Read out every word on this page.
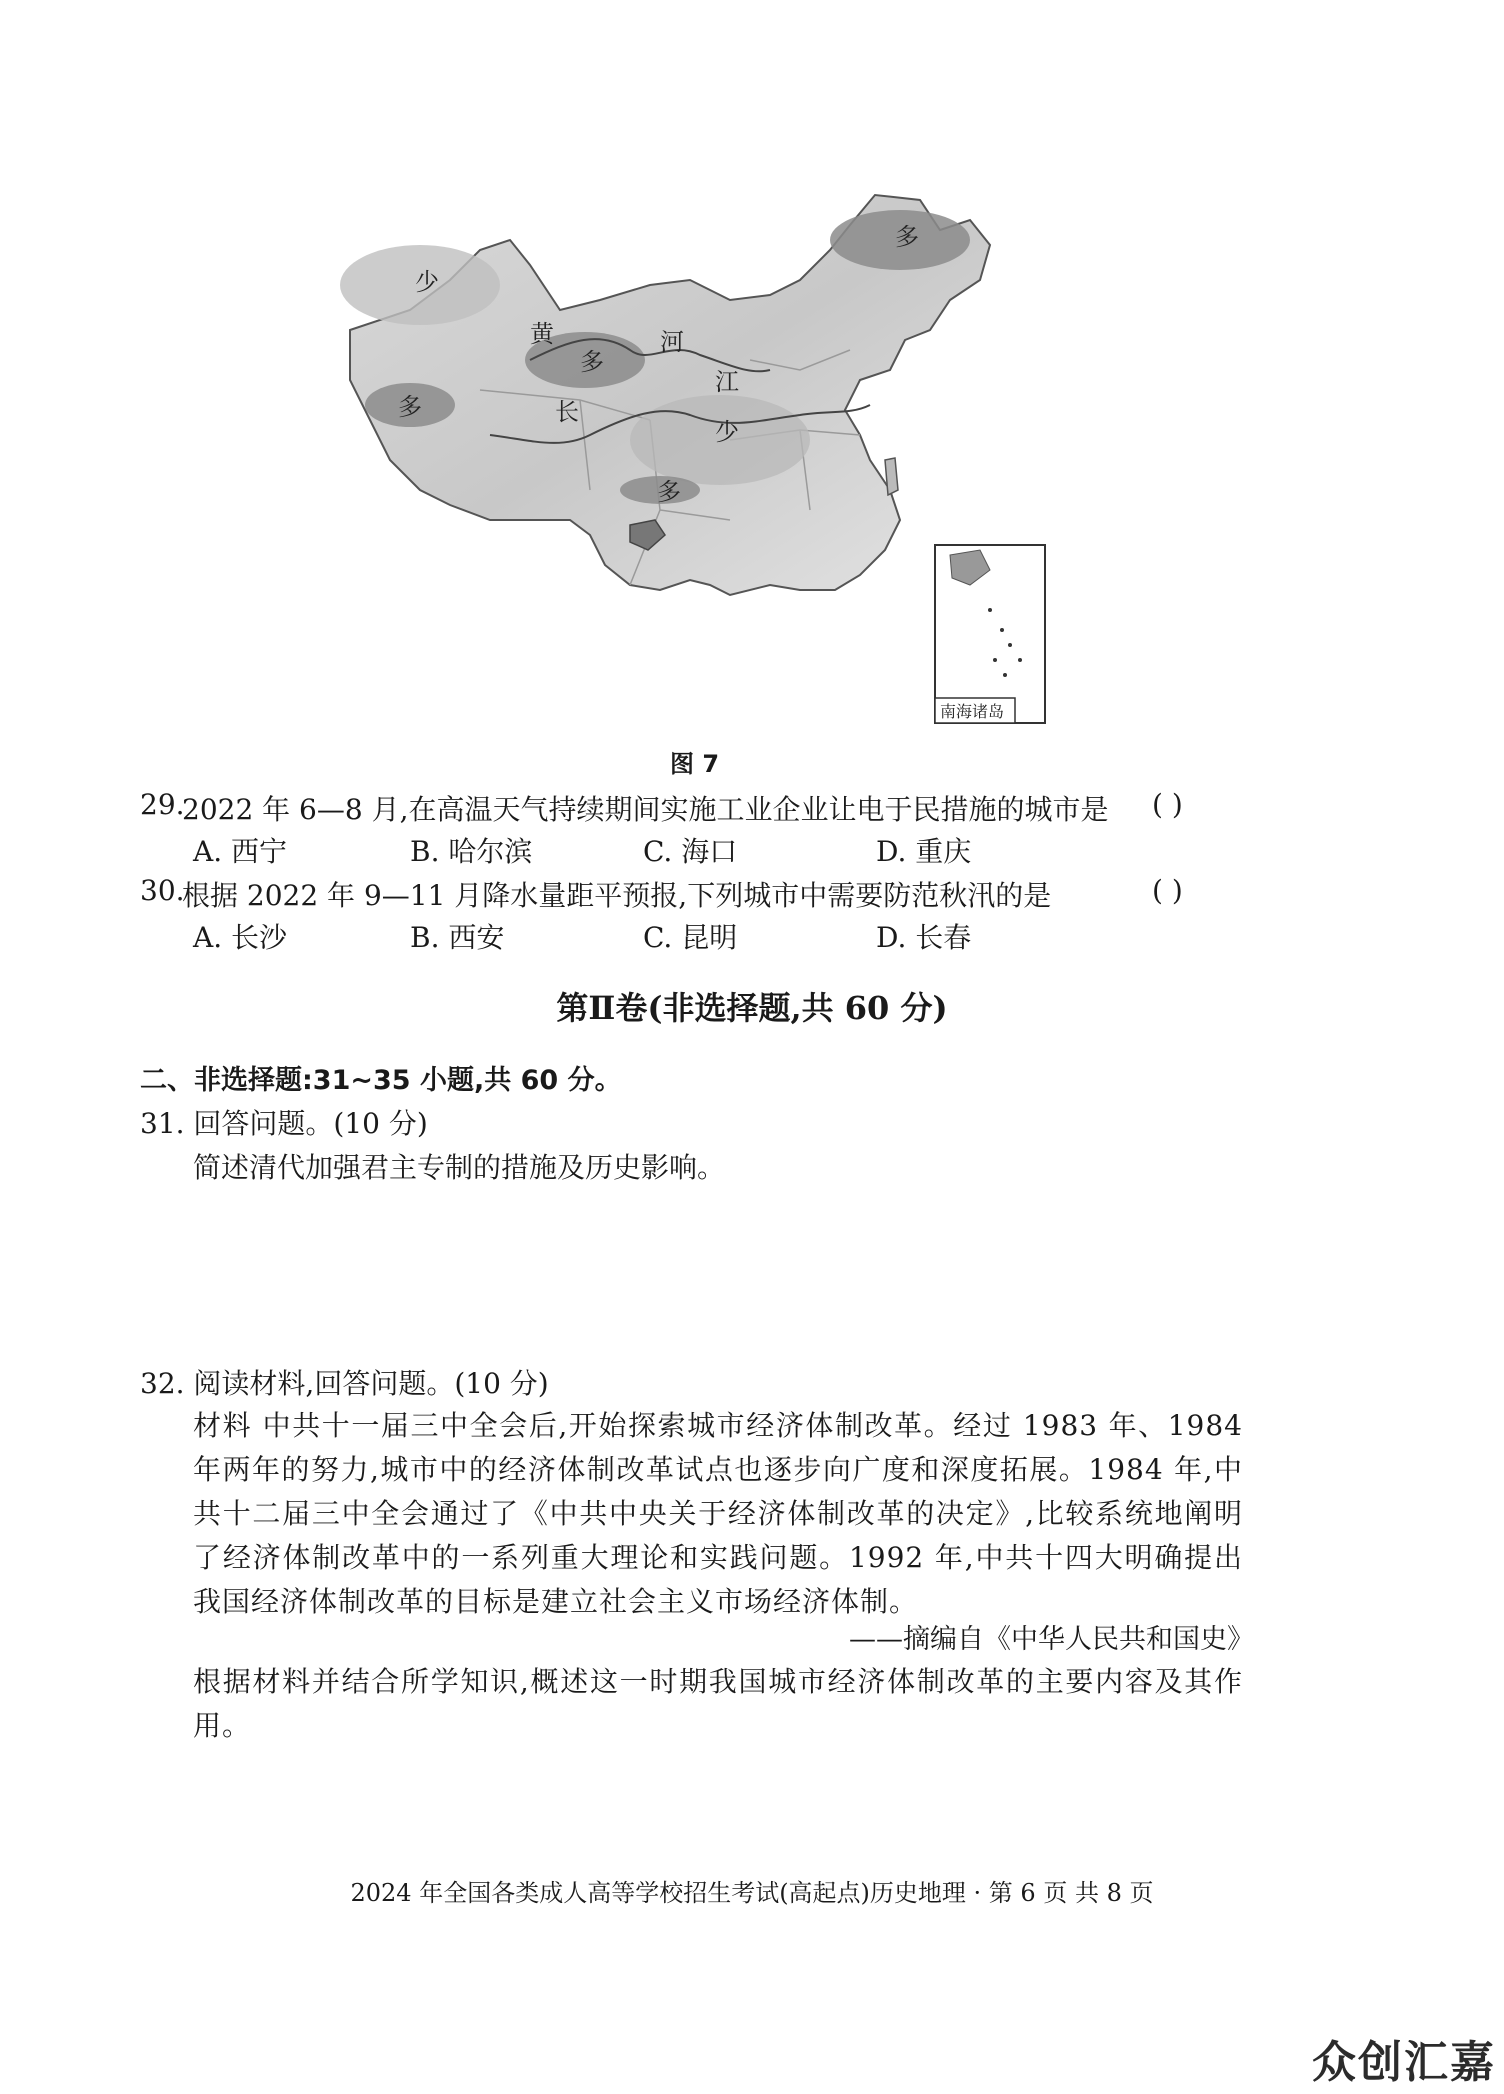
少
多
多
多
少
多
黄	河
长
江
南海诸岛
图 7
29.
2022 年 6—8 月,在高温天气持续期间实施工业企业让电于民措施的城市是 ( )
A. 西宁	B. 哈尔滨	C. 海口	D. 重庆
30.
根据 2022 年 9—11 月降水量距平预报,下列城市中需要防范秋汛的是	( )
A. 长沙	B. 西安	C. 昆明	D. 长春
第Ⅱ卷(非选择题,共 60 分)
二、非选择题:31~35 小题,共 60 分。
31. 回答问题。(10 分)
简述清代加强君主专制的措施及历史影响。
32. 阅读材料,回答问题。(10 分)
材料 中共十一届三中全会后,开始探索城市经济体制改革。经过 1983 年、1984 年两年的努力,城市中的经济体制改革试点也逐步向广度和深度拓展。1984 年,中共十二届三中全会通过了《中共中央关于经济体制改革的决定》,比较系统地阐明了经济体制改革中的一系列重大理论和实践问题。1992 年,中共十四大明确提出我国经济体制改革的目标是建立社会主义市场经济体制。
——摘编自《中华人民共和国史》
根据材料并结合所学知识,概述这一时期我国城市经济体制改革的主要内容及其作用。
2024 年全国各类成人高等学校招生考试(高起点)历史地理 · 第 6 页 共 8 页
众创汇嘉
